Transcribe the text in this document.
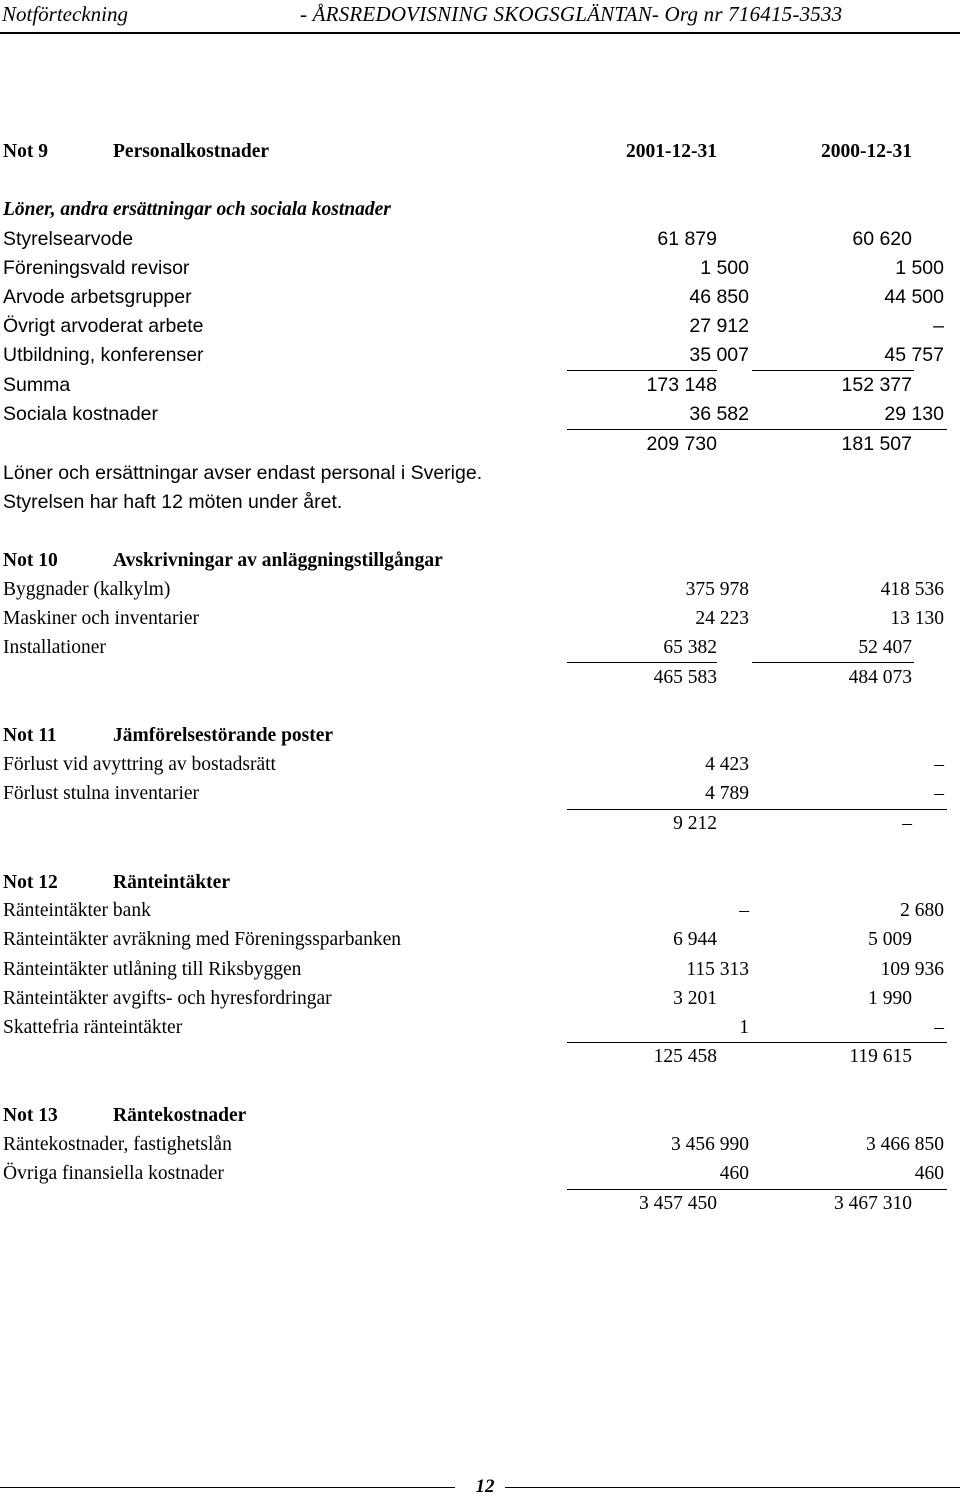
Notförteckning	- ÅRSREDOVISNING SKOGSGLÄNTAN- Org nr 716415-3533
Not 9	Personalkostnader	2001-12-31	2000-12-31
Löner, andra ersättningar och sociala kostnader
Styrelsearvode	61 879	60 620
Föreningsvald revisor	1 500	1 500
Arvode arbetsgrupper	46 850	44 500
Övrigt arvoderat arbete	27 912	–
Utbildning, konferenser	35 007	45 757
Summa	173 148	152 377
Sociala kostnader	36 582	29 130
209 730	181 507
Löner och ersättningar avser endast personal i Sverige.
Styrelsen har haft 12 möten under året.
Not 10	Avskrivningar av anläggningstillgångar
Byggnader (kalkylm)	375 978	418 536
Maskiner och inventarier	24 223	13 130
Installationer	65 382	52 407
465 583	484 073
Not 11	Jämförelsestörande poster
Förlust vid avyttring av bostadsrätt	4 423	–
Förlust stulna inventarier	4 789	–
9 212	–
Not 12	Ränteintäkter
Ränteintäkter bank	–	2 680
Ränteintäkter avräkning med Föreningssparbanken	6 944	5 009
Ränteintäkter utlåning till Riksbyggen	115 313	109 936
Ränteintäkter avgifts- och hyresfordringar	3 201	1 990
Skattefria ränteintäkter	1	–
125 458	119 615
Not 13	Räntekostnader
Räntekostnader, fastighetslån	3 456 990	3 466 850
Övriga finansiella kostnader	460	460
3 457 450	3 467 310
12
